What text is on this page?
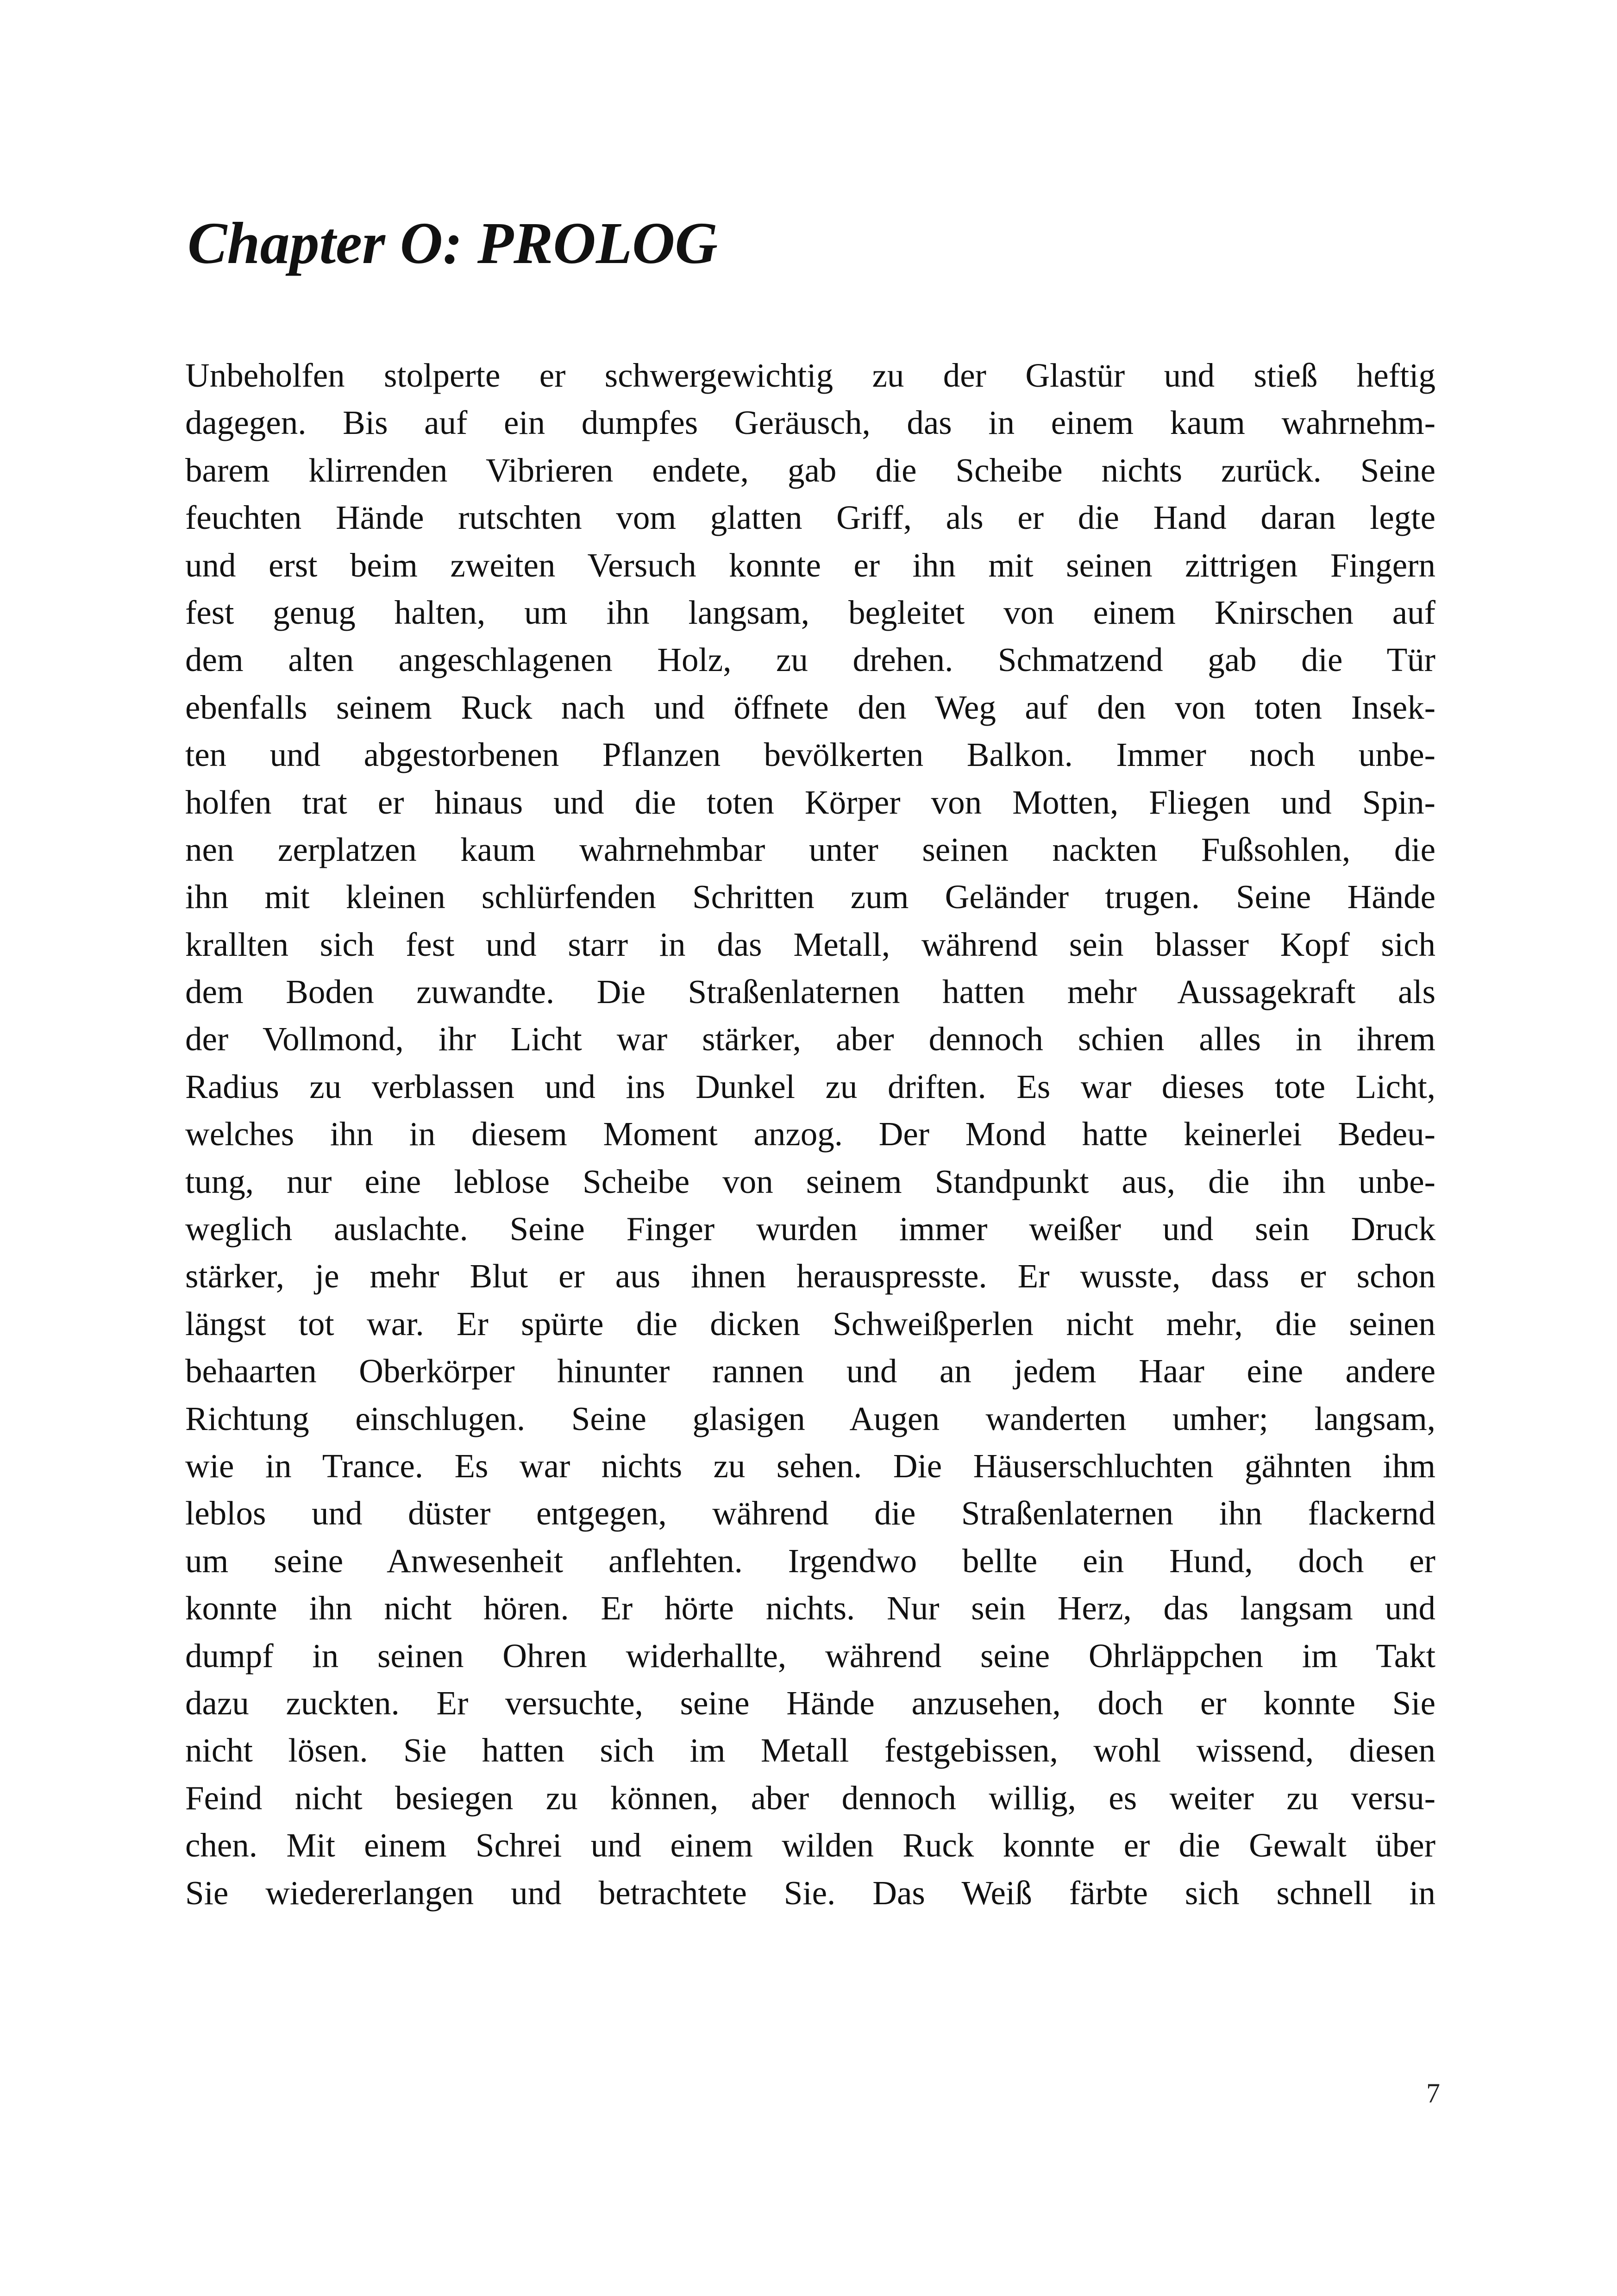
Chapter O: PROLOG
Unbeholfen stolperte er schwergewichtig zu der Glastür und stieß heftig
dagegen. Bis auf ein dumpfes Geräusch, das in einem kaum wahrnehm-
barem klirrenden Vibrieren endete, gab die Scheibe nichts zurück. Seine
feuchten Hände rutschten vom glatten Griff, als er die Hand daran legte
und erst beim zweiten Versuch konnte er ihn mit seinen zittrigen Fingern
fest genug halten, um ihn langsam, begleitet von einem Knirschen auf
dem alten angeschlagenen Holz, zu drehen. Schmatzend gab die Tür
ebenfalls seinem Ruck nach und öffnete den Weg auf den von toten Insek-
ten und abgestorbenen Pflanzen bevölkerten Balkon. Immer noch unbe-
holfen trat er hinaus und die toten Körper von Motten, Fliegen und Spin-
nen zerplatzen kaum wahrnehmbar unter seinen nackten Fußsohlen, die
ihn mit kleinen schlürfenden Schritten zum Geländer trugen. Seine Hände
krallten sich fest und starr in das Metall, während sein blasser Kopf sich
dem Boden zuwandte. Die Straßenlaternen hatten mehr Aussagekraft als
der Vollmond, ihr Licht war stärker, aber dennoch schien alles in ihrem
Radius zu verblassen und ins Dunkel zu driften. Es war dieses tote Licht,
welches ihn in diesem Moment anzog. Der Mond hatte keinerlei Bedeu-
tung, nur eine leblose Scheibe von seinem Standpunkt aus, die ihn unbe-
weglich auslachte. Seine Finger wurden immer weißer und sein Druck
stärker, je mehr Blut er aus ihnen herauspresste. Er wusste, dass er schon
längst tot war. Er spürte die dicken Schweißperlen nicht mehr, die seinen
behaarten Oberkörper hinunter rannen und an jedem Haar eine andere
Richtung einschlugen. Seine glasigen Augen wanderten umher; langsam,
wie in Trance. Es war nichts zu sehen. Die Häuserschluchten gähnten ihm
leblos und düster entgegen, während die Straßenlaternen ihn flackernd
um seine Anwesenheit anflehten. Irgendwo bellte ein Hund, doch er
konnte ihn nicht hören. Er hörte nichts. Nur sein Herz, das langsam und
dumpf in seinen Ohren widerhallte, während seine Ohrläppchen im Takt
dazu zuckten. Er versuchte, seine Hände anzusehen, doch er konnte Sie
nicht lösen. Sie hatten sich im Metall festgebissen, wohl wissend, diesen
Feind nicht besiegen zu können, aber dennoch willig, es weiter zu versu-
chen. Mit einem Schrei und einem wilden Ruck konnte er die Gewalt über
Sie wiedererlangen und betrachtete Sie. Das Weiß färbte sich schnell in
7
